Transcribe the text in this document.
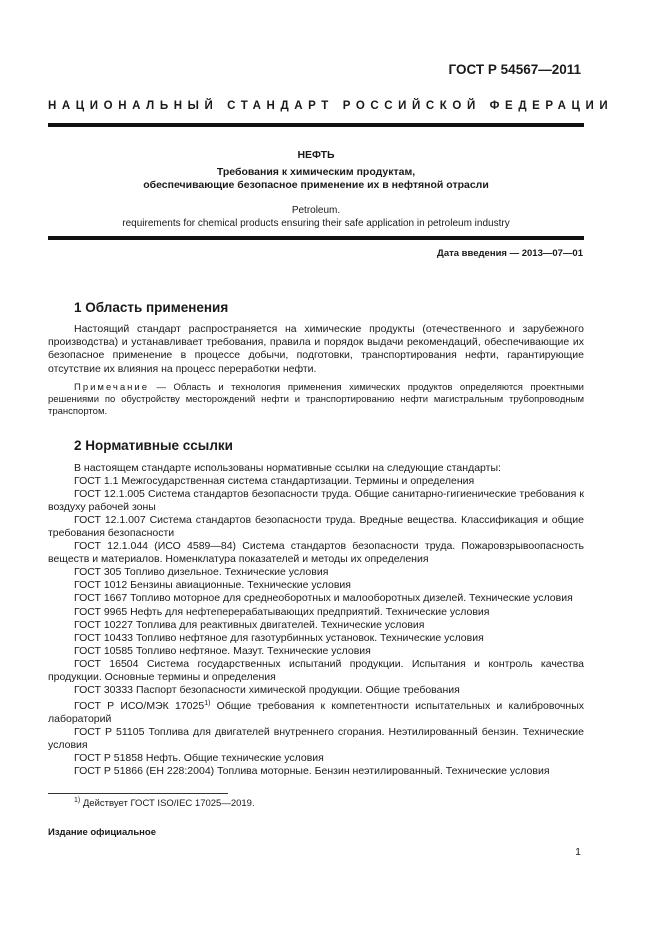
ГОСТ Р 54567—2011
НАЦИОНАЛЬНЫЙ СТАНДАРТ РОССИЙСКОЙ ФЕДЕРАЦИИ
НЕФТЬ
Требования к химическим продуктам,
обеспечивающие безопасное применение их в нефтяной отрасли
Petroleum.
requirements for chemical products ensuring their safe application in petroleum industry
Дата введения — 2013—07—01
1 Область применения

Настоящий стандарт распространяется на химические продукты (отечественного и зарубежного производства) и устанавливает требования, правила и порядок выдачи рекомендаций, обеспечивающие их безопасное применение в процессе добычи, подготовки, транспортирования нефти, гарантирующие отсутствие их влияния на процесс переработки нефти.

Примечание — Область и технология применения химических продуктов определяются проектными решениями по обустройству месторождений нефти и транспортированию нефти магистральным трубопроводным транспортом.

2 Нормативные ссылки

В настоящем стандарте использованы нормативные ссылки на следующие стандарты:

ГОСТ 1.1 Межгосударственная система стандартизации. Термины и определения

ГОСТ 12.1.005 Система стандартов безопасности труда. Общие санитарно-гигиенические требования к воздуху рабочей зоны

ГОСТ 12.1.007 Система стандартов безопасности труда. Вредные вещества. Классификация и общие требования безопасности

ГОСТ 12.1.044 (ИСО 4589—84) Система стандартов безопасности труда. Пожаровзрывоопасность веществ и материалов. Номенклатура показателей и методы их определения

ГОСТ 305 Топливо дизельное. Технические условия

ГОСТ 1012 Бензины авиационные. Технические условия

ГОСТ 1667 Топливо моторное для среднеоборотных и малооборотных дизелей. Технические условия

ГОСТ 9965 Нефть для нефтеперерабатывающих предприятий. Технические условия

ГОСТ 10227 Топлива для реактивных двигателей. Технические условия

ГОСТ 10433 Топливо нефтяное для газотурбинных установок. Технические условия

ГОСТ 10585 Топливо нефтяное. Мазут. Технические условия

ГОСТ 16504 Система государственных испытаний продукции. Испытания и контроль качества продукции. Основные термины и определения

ГОСТ 30333 Паспорт безопасности химической продукции. Общие требования

ГОСТ Р ИСО/МЭК 17025$^{1)}$ Общие требования к компетентности испытательных и калибровочных лабораторий

ГОСТ Р 51105 Топлива для двигателей внутреннего сгорания. Неэтилированный бензин. Технические условия

ГОСТ Р 51858 Нефть. Общие технические условия

ГОСТ Р 51866 (ЕН 228:2004) Топлива моторные. Бензин неэтилированный. Технические условия

$^{1)}$ Действует ГОСТ ISO/IEC 17025—2019.
Издание официальное
1
